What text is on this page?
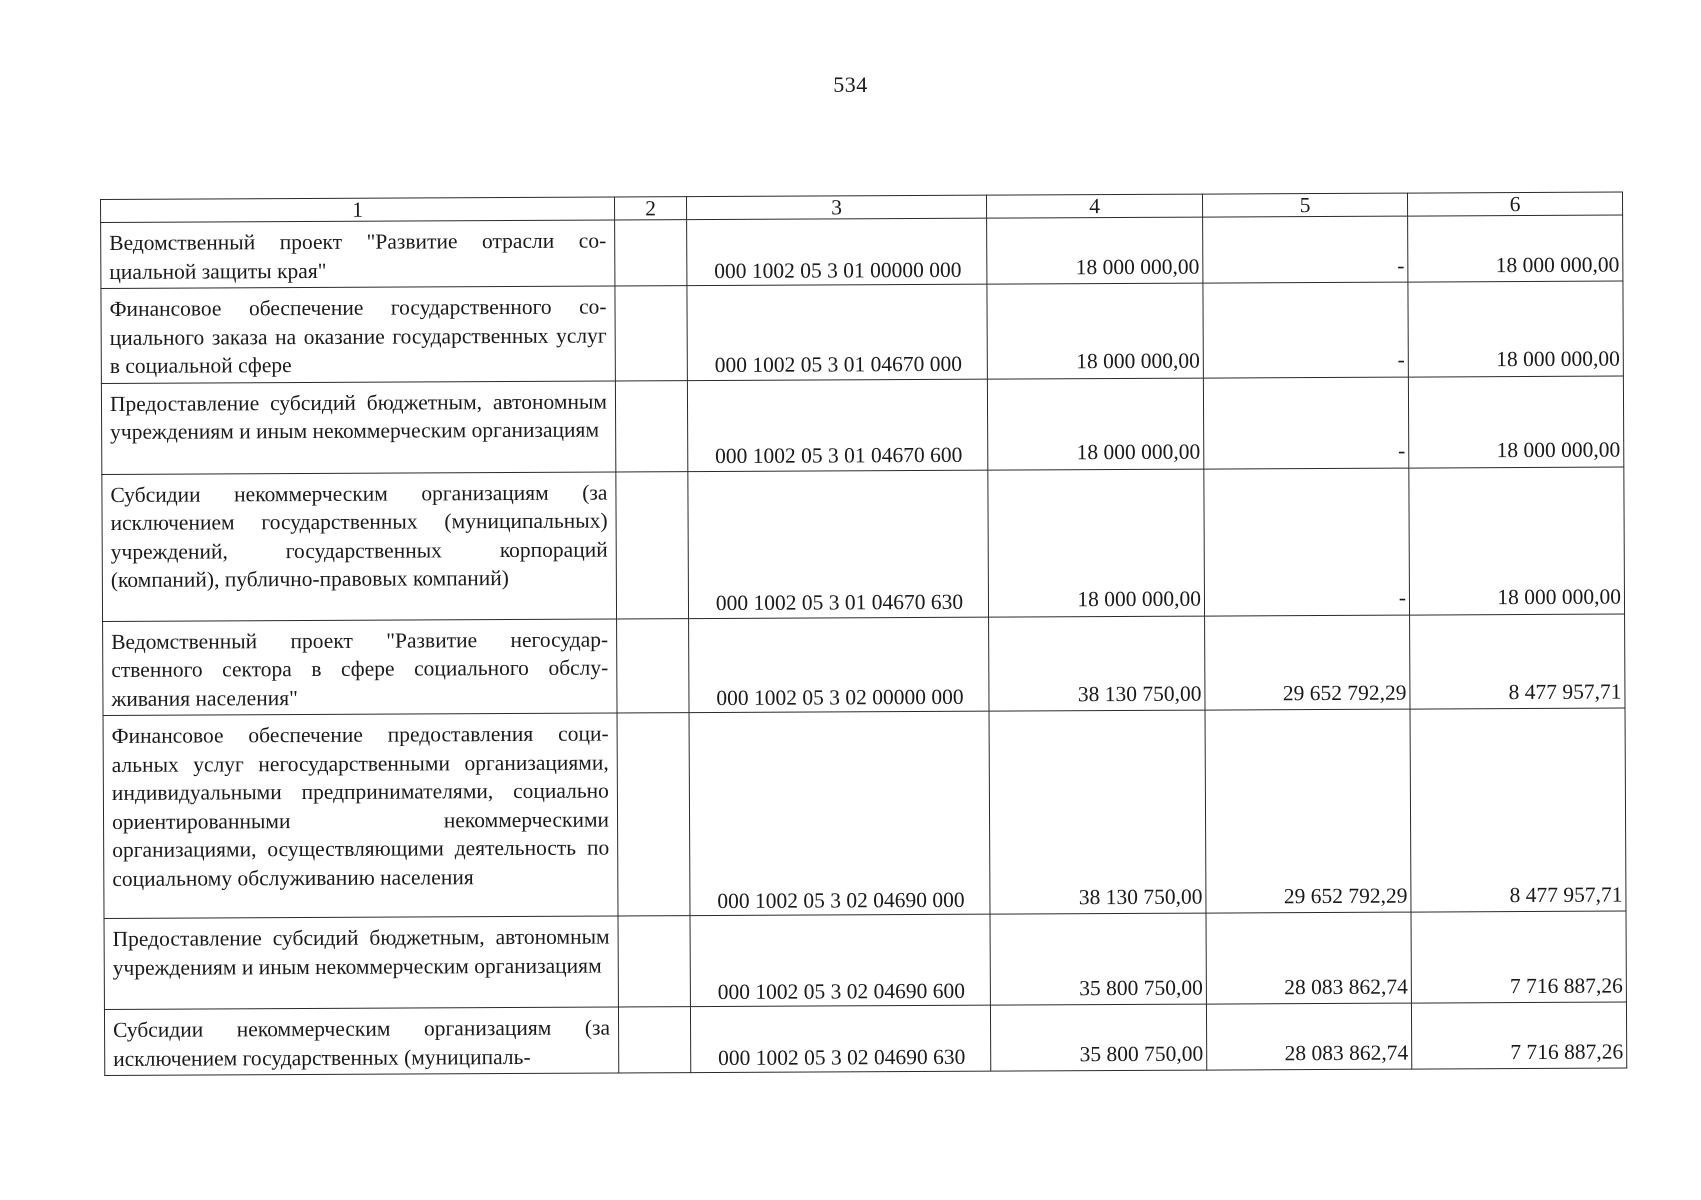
534
1	2	3	4	5	6
Ведомственный проект "Развитие отрасли социальной защиты края"		000 1002 05 3 01 00000 000	18 000 000,00	-	18 000 000,00
Финансовое обеспечение государственного социального заказа на оказание государственных услуг в социальной сфере		000 1002 05 3 01 04670 000	18 000 000,00	-	18 000 000,00
Предоставление субсидий бюджетным, автономным учреждениям и иным некоммерческим организациям		000 1002 05 3 01 04670 600	18 000 000,00	-	18 000 000,00
Субсидии некоммерческим организациям (за исключением государственных (муниципальных) учреждений, государственных корпораций (компаний), публично-правовых компаний)		000 1002 05 3 01 04670 630	18 000 000,00	-	18 000 000,00
Ведомственный проект "Развитие негосударственного сектора в сфере социального обслуживания населения"		000 1002 05 3 02 00000 000	38 130 750,00	29 652 792,29	8 477 957,71
Финансовое обеспечение предоставления социальных услуг негосударственными организациями, индивидуальными предпринимателями, социально ориентированными некоммерческими организациями, осуществляющими деятельность по социальному обслуживанию населения		000 1002 05 3 02 04690 000	38 130 750,00	29 652 792,29	8 477 957,71
Предоставление субсидий бюджетным, автономным учреждениям и иным некоммерческим организациям		000 1002 05 3 02 04690 600	35 800 750,00	28 083 862,74	7 716 887,26
Субсидии некоммерческим организациям (за исключением государственных (муниципаль-		000 1002 05 3 02 04690 630	35 800 750,00	28 083 862,74	7 716 887,26
